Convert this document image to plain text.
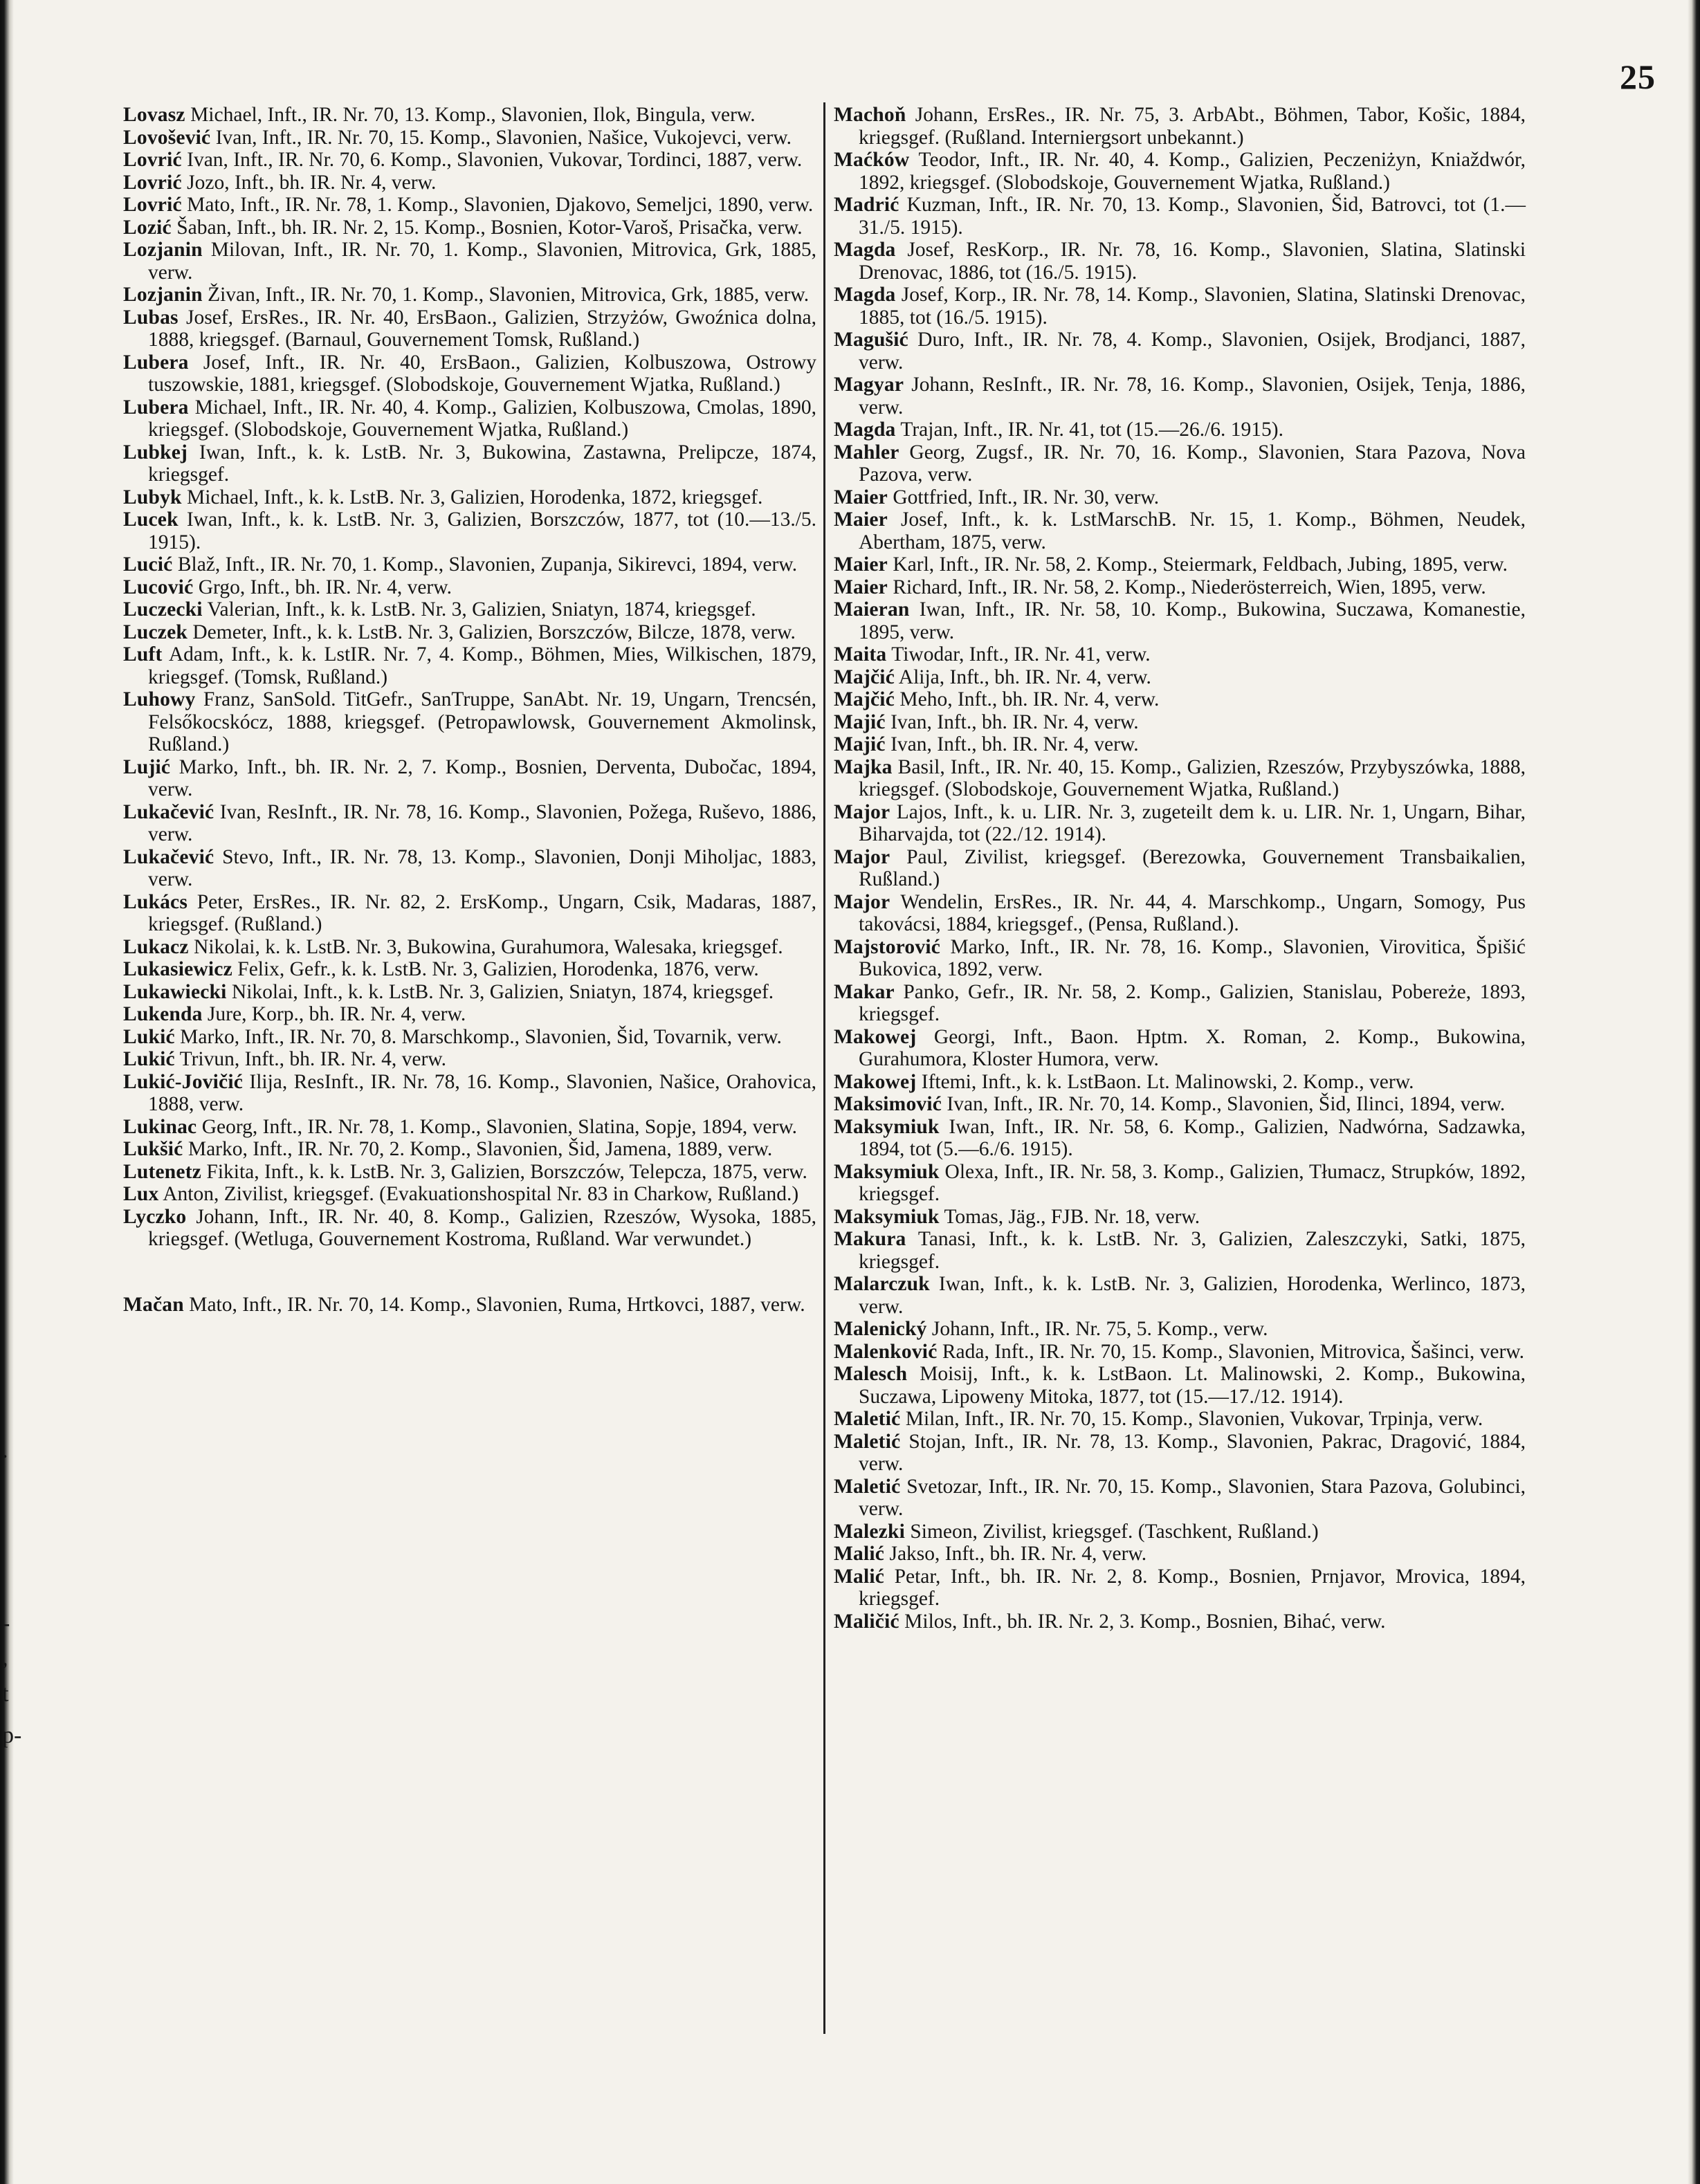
25
.
-
,
t
p-

Lovasz Michael, Inft., IR. Nr. 70, 13. Komp., Slavonien, Ilok, Bingula, verw.

Lovošević Ivan, Inft., IR. Nr. 70, 15. Komp., Slavonien, Našice, Vukojevci, verw.

Lovrić Ivan, Inft., IR. Nr. 70, 6. Komp., Slavonien, Vukovar, Tordinci, 1887, verw.

Lovrić Jozo, Inft., bh. IR. Nr. 4, verw.

Lovrić Mato, Inft., IR. Nr. 78, 1. Komp., Slavonien, Djakovo, Semeljci, 1890, verw.

Lozić Šaban, Inft., bh. IR. Nr. 2, 15. Komp., Bosnien, Kotor-Varoš, Prisačka, verw.

Lozjanin Milovan, Inft., IR. Nr. 70, 1. Komp., Slavonien, Mitrovica, Grk, 1885, verw.

Lozjanin Živan, Inft., IR. Nr. 70, 1. Komp., Slavonien, Mitrovica, Grk, 1885, verw.

Lubas Josef, ErsRes., IR. Nr. 40, ErsBaon., Galizien, Strzyżów, Gwoźnica dolna, 1888, kriegsgef. (Barnaul, Gouvernement Tomsk, Rußland.)

Lubera Josef, Inft., IR. Nr. 40, ErsBaon., Galizien, Kolbuszowa, Ostrowy tuszowskie, 1881, kriegsgef. (Slobodskoje, Gouvernement Wjatka, Rußland.)

Lubera Michael, Inft., IR. Nr. 40, 4. Komp., Galizien, Kolbuszowa, Cmolas, 1890, kriegsgef. (Slobodskoje, Gouvernement Wjatka, Rußland.)

Lubkej Iwan, Inft., k. k. LstB. Nr. 3, Bukowina, Zastawna, Prelipcze, 1874, kriegsgef.

Lubyk Michael, Inft., k. k. LstB. Nr. 3, Galizien, Horodenka, 1872, kriegsgef.

Lucek Iwan, Inft., k. k. LstB. Nr. 3, Galizien, Borszczów, 1877, tot (10.—13./5. 1915).

Lucić Blaž, Inft., IR. Nr. 70, 1. Komp., Slavonien, Zupanja, Sikirevci, 1894, verw.

Lucović Grgo, Inft., bh. IR. Nr. 4, verw.

Luczecki Valerian, Inft., k. k. LstB. Nr. 3, Galizien, Sniatyn, 1874, kriegsgef.

Luczek Demeter, Inft., k. k. LstB. Nr. 3, Galizien, Borszczów, Bilcze, 1878, verw.

Luft Adam, Inft., k. k. LstIR. Nr. 7, 4. Komp., Böhmen, Mies, Wilkischen, 1879, kriegsgef. (Tomsk, Rußland.)

Luhowy Franz, SanSold. TitGefr., SanTruppe, SanAbt. Nr. 19, Ungarn, Trencsén, Felsőkocskócz, 1888, kriegsgef. (Petropawlowsk, Gouvernement Akmolinsk, Rußland.)

Lujić Marko, Inft., bh. IR. Nr. 2, 7. Komp., Bosnien, Derventa, Dubočac, 1894, verw.

Lukačević Ivan, ResInft., IR. Nr. 78, 16. Komp., Slavonien, Požega, Ruševo, 1886, verw.

Lukačević Stevo, Inft., IR. Nr. 78, 13. Komp., Slavonien, Donji Miholjac, 1883, verw.

Lukács Peter, ErsRes., IR. Nr. 82, 2. ErsKomp., Ungarn, Csik, Madaras, 1887, kriegsgef. (Rußland.)

Lukacz Nikolai, k. k. LstB. Nr. 3, Bukowina, Gurahumora, Walesaka, kriegsgef.

Lukasiewicz Felix, Gefr., k. k. LstB. Nr. 3, Galizien, Horodenka, 1876, verw.

Lukawiecki Nikolai, Inft., k. k. LstB. Nr. 3, Galizien, Sniatyn, 1874, kriegsgef.

Lukenda Jure, Korp., bh. IR. Nr. 4, verw.

Lukić Marko, Inft., IR. Nr. 70, 8. Marschkomp., Slavonien, Šid, Tovarnik, verw.

Lukić Trivun, Inft., bh. IR. Nr. 4, verw.

Lukić-Jovičić Ilija, ResInft., IR. Nr. 78, 16. Komp., Slavonien, Našice, Orahovica, 1888, verw.

Lukinac Georg, Inft., IR. Nr. 78, 1. Komp., Slavonien, Slatina, Sopje, 1894, verw.

Lukšić Marko, Inft., IR. Nr. 70, 2. Komp., Slavonien, Šid, Jamena, 1889, verw.

Lutenetz Fikita, Inft., k. k. LstB. Nr. 3, Galizien, Borszczów, Telepcza, 1875, verw.

Lux Anton, Zivilist, kriegsgef. (Evakuationshospital Nr. 83 in Charkow, Rußland.)

Lyczko Johann, Inft., IR. Nr. 40, 8. Komp., Galizien, Rzeszów, Wysoka, 1885, kriegsgef. (Wetluga, Gouvernement Kostroma, Rußland. War verwundet.)

Mačan Mato, Inft., IR. Nr. 70, 14. Komp., Slavonien, Ruma, Hrtkovci, 1887, verw.

Machoň Johann, ErsRes., IR. Nr. 75, 3. ArbAbt., Böhmen, Tabor, Košic, 1884, kriegsgef. (Rußland. Interniergsort unbekannt.)

Maćków Teodor, Inft., IR. Nr. 40, 4. Komp., Galizien, Peczeniżyn, Kniaždwór, 1892, kriegsgef. (Slobodskoje, Gouvernement Wjatka, Rußland.)

Madrić Kuzman, Inft., IR. Nr. 70, 13. Komp., Slavonien, Šid, Batrovci, tot (1.—31./5. 1915).

Magda Josef, ResKorp., IR. Nr. 78, 16. Komp., Slavonien, Slatina, Slatinski Drenovac, 1886, tot (16./5. 1915).

Magda Josef, Korp., IR. Nr. 78, 14. Komp., Slavonien, Slatina, Slatinski Drenovac, 1885, tot (16./5. 1915).

Magušić Duro, Inft., IR. Nr. 78, 4. Komp., Slavonien, Osijek, Brodjanci, 1887, verw.

Magyar Johann, ResInft., IR. Nr. 78, 16. Komp., Slavonien, Osijek, Tenja, 1886, verw.

Magda Trajan, Inft., IR. Nr. 41, tot (15.—26./6. 1915).

Mahler Georg, Zugsf., IR. Nr. 70, 16. Komp., Slavonien, Stara Pazova, Nova Pazova, verw.

Maier Gottfried, Inft., IR. Nr. 30, verw.

Maier Josef, Inft., k. k. LstMarschB. Nr. 15, 1. Komp., Böhmen, Neudek, Abertham, 1875, verw.

Maier Karl, Inft., IR. Nr. 58, 2. Komp., Steiermark, Feldbach, Jubing, 1895, verw.

Maier Richard, Inft., IR. Nr. 58, 2. Komp., Niederösterreich, Wien, 1895, verw.

Maieran Iwan, Inft., IR. Nr. 58, 10. Komp., Bukowina, Suczawa, Komanestie, 1895, verw.

Maita Tiwodar, Inft., IR. Nr. 41, verw.

Majčić Alija, Inft., bh. IR. Nr. 4, verw.

Majčić Meho, Inft., bh. IR. Nr. 4, verw.

Majić Ivan, Inft., bh. IR. Nr. 4, verw.

Majić Ivan, Inft., bh. IR. Nr. 4, verw.

Majka Basil, Inft., IR. Nr. 40, 15. Komp., Galizien, Rzeszów, Przybyszówka, 1888, kriegsgef. (Slobodskoje, Gouvernement Wjatka, Rußland.)

Major Lajos, Inft., k. u. LIR. Nr. 3, zugeteilt dem k. u. LIR. Nr. 1, Ungarn, Bihar, Biharvajda, tot (22./12. 1914).

Major Paul, Zivilist, kriegsgef. (Berezowka, Gouvernement Transbaikalien, Rußland.)

Major Wendelin, ErsRes., IR. Nr. 44, 4. Marschkomp., Ungarn, Somogy, Pus takovácsi, 1884, kriegsgef., (Pensa, Rußland.).

Majstorović Marko, Inft., IR. Nr. 78, 16. Komp., Slavonien, Virovitica, Špišić Bukovica, 1892, verw.

Makar Panko, Gefr., IR. Nr. 58, 2. Komp., Galizien, Stanislau, Pobereże, 1893, kriegsgef.

Makowej Georgi, Inft., Baon. Hptm. X. Roman, 2. Komp., Bukowina, Gurahumora, Kloster Humora, verw.

Makowej Iftemi, Inft., k. k. LstBaon. Lt. Malinowski, 2. Komp., verw.

Maksimović Ivan, Inft., IR. Nr. 70, 14. Komp., Slavonien, Šid, Ilinci, 1894, verw.

Maksymiuk Iwan, Inft., IR. Nr. 58, 6. Komp., Galizien, Nadwórna, Sadzawka, 1894, tot (5.—6./6. 1915).

Maksymiuk Olexa, Inft., IR. Nr. 58, 3. Komp., Galizien, Tłumacz, Strupków, 1892, kriegsgef.

Maksymiuk Tomas, Jäg., FJB. Nr. 18, verw.

Makura Tanasi, Inft., k. k. LstB. Nr. 3, Galizien, Zaleszczyki, Satki, 1875, kriegsgef.

Malarczuk Iwan, Inft., k. k. LstB. Nr. 3, Galizien, Horodenka, Werlinco, 1873, verw.

Malenický Johann, Inft., IR. Nr. 75, 5. Komp., verw.

Malenković Rada, Inft., IR. Nr. 70, 15. Komp., Slavonien, Mitrovica, Šašinci, verw.

Malesch Moisij, Inft., k. k. LstBaon. Lt. Malinowski, 2. Komp., Bukowina, Suczawa, Lipoweny Mitoka, 1877, tot (15.—17./12. 1914).

Maletić Milan, Inft., IR. Nr. 70, 15. Komp., Slavonien, Vukovar, Trpinja, verw.

Maletić Stojan, Inft., IR. Nr. 78, 13. Komp., Slavonien, Pakrac, Dragović, 1884, verw.

Maletić Svetozar, Inft., IR. Nr. 70, 15. Komp., Slavonien, Stara Pazova, Golubinci, verw.

Malezki Simeon, Zivilist, kriegsgef. (Taschkent, Rußland.)

Malić Jakso, Inft., bh. IR. Nr. 4, verw.

Malić Petar, Inft., bh. IR. Nr. 2, 8. Komp., Bosnien, Prnjavor, Mrovica, 1894, kriegsgef.

Maličić Milos, Inft., bh. IR. Nr. 2, 3. Komp., Bosnien, Bihać, verw.
